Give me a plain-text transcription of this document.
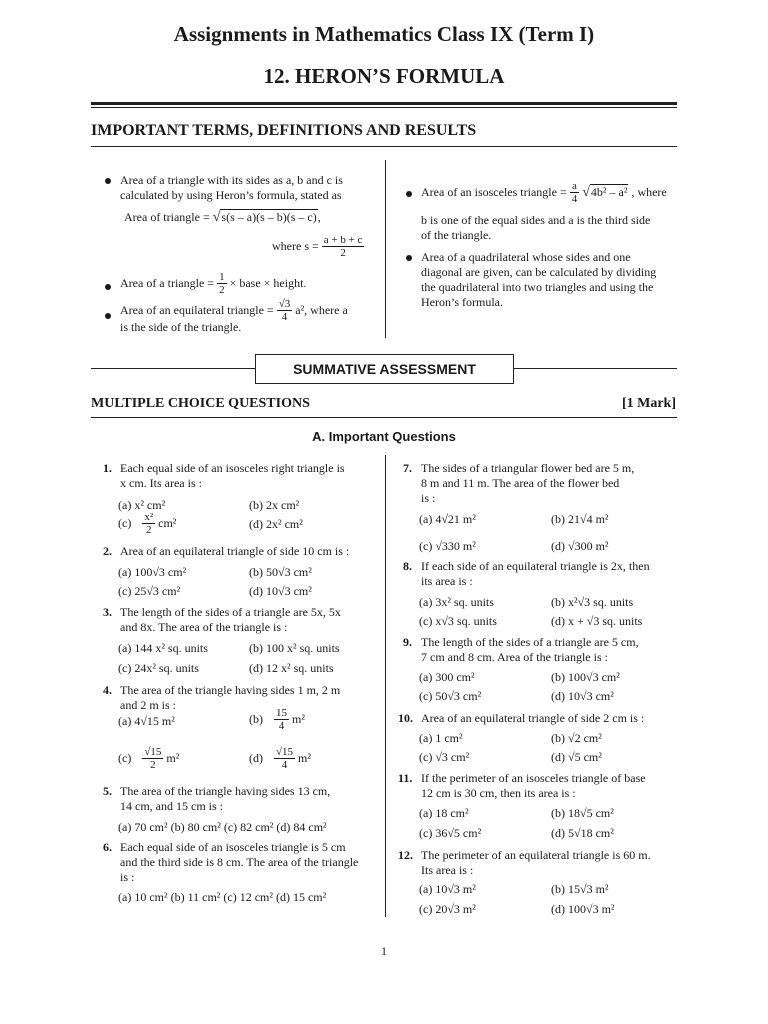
Assignments in Mathematics Class IX (Term I)
12. HERON’S FORMULA
IMPORTANT TERMS, DEFINITIONS AND RESULTS
Area of a triangle with its sides as a, b and c is
calculated by using Heron’s formula, stated as
Area of triangle = √s(s – a)(s – b)(s – c),
where $s = \frac{a + b + c}{2}$
Area of a triangle = $\frac{1}{2}$ × base × height.
Area of an equilateral triangle = $\frac{√3}{4} a^2$, where a
is the side of the triangle.
Area of an isosceles triangle = $\frac{a}{4} √4b^2 - a^2$ , where
b is one of the equal sides and a is the third side
of the triangle.
Area of a quadrilateral whose sides and one
diagonal are given, can be calculated by dividing
the quadrilateral into two triangles and using the
Heron’s formula.
SUMMATIVE ASSESSMENT
MULTIPLE CHOICE QUESTIONS	[1 Mark]
A. Important Questions
1. Each equal side of an isosceles right triangle is
x cm. Its area is :
(a) x² cm²	(b) 2x cm²
$(c) \frac{\text{x²}}{2} cm^2$	(d) 2x² cm²
2. Area of an equilateral triangle of side 10 cm is :
(a) 100√3 cm²	(b) 50√3 cm²
(c) 25√3 cm²	(d) 10√3 cm²
3. The length of the sides of a triangle are 5x, 5x
and 8x. The area of the triangle is :
(a) 144 x² sq. units	(b) 100 x² sq. units
(c) 24x² sq. units	(d) 12 x² sq. units
4. The area of the triangle having sides 1 m, 2 m
and 2 m is :
(a) 4√15 m²	$(b) \frac{15}{4} m^2$
$(c) \frac{√15}{2} m^2$	$(d) \frac{√15}{4} m^2$
5. The area of the triangle having sides 13 cm,
14 cm, and 15 cm is :
(a) 70 cm² (b) 80 cm² (c) 82 cm² (d) 84 cm²
6. Each equal side of an isosceles triangle is 5 cm
and the third side is 8 cm. The area of the triangle
is :
(a) 10 cm² (b) 11 cm² (c) 12 cm² (d) 15 cm²
7. The sides of a triangular flower bed are 5 m,
8 m and 11 m. The area of the flower bed
is :
(a) 4√21 m²	(b) 21√4 m²
(c) √330 m²	(d) √300 m²
8. If each side of an equilateral triangle is 2x, then
its area is :
(a) 3x² sq. units	(b) x²√3 sq. units
(c) x√3 sq. units	(d) x + √3 sq. units
9. The length of the sides of a triangle are 5 cm,
7 cm and 8 cm. Area of the triangle is :
(a) 300 cm²	(b) 100√3 cm²
(c) 50√3 cm²	(d) 10√3 cm²
10. Area of an equilateral triangle of side 2 cm is :
(a) 1 cm²	(b) √2 cm²
(c) √3 cm²	(d) √5 cm²
11. If the perimeter of an isosceles triangle of base
12 cm is 30 cm, then its area is :
(a) 18 cm²	(b) 18√5 cm²
(c) 36√5 cm²	(d) 5√18 cm²
12. The perimeter of an equilateral triangle is 60 m.
Its area is :
(a) 10√3 m²	(b) 15√3 m²
(c) 20√3 m²	(d) 100√3 m²
1
